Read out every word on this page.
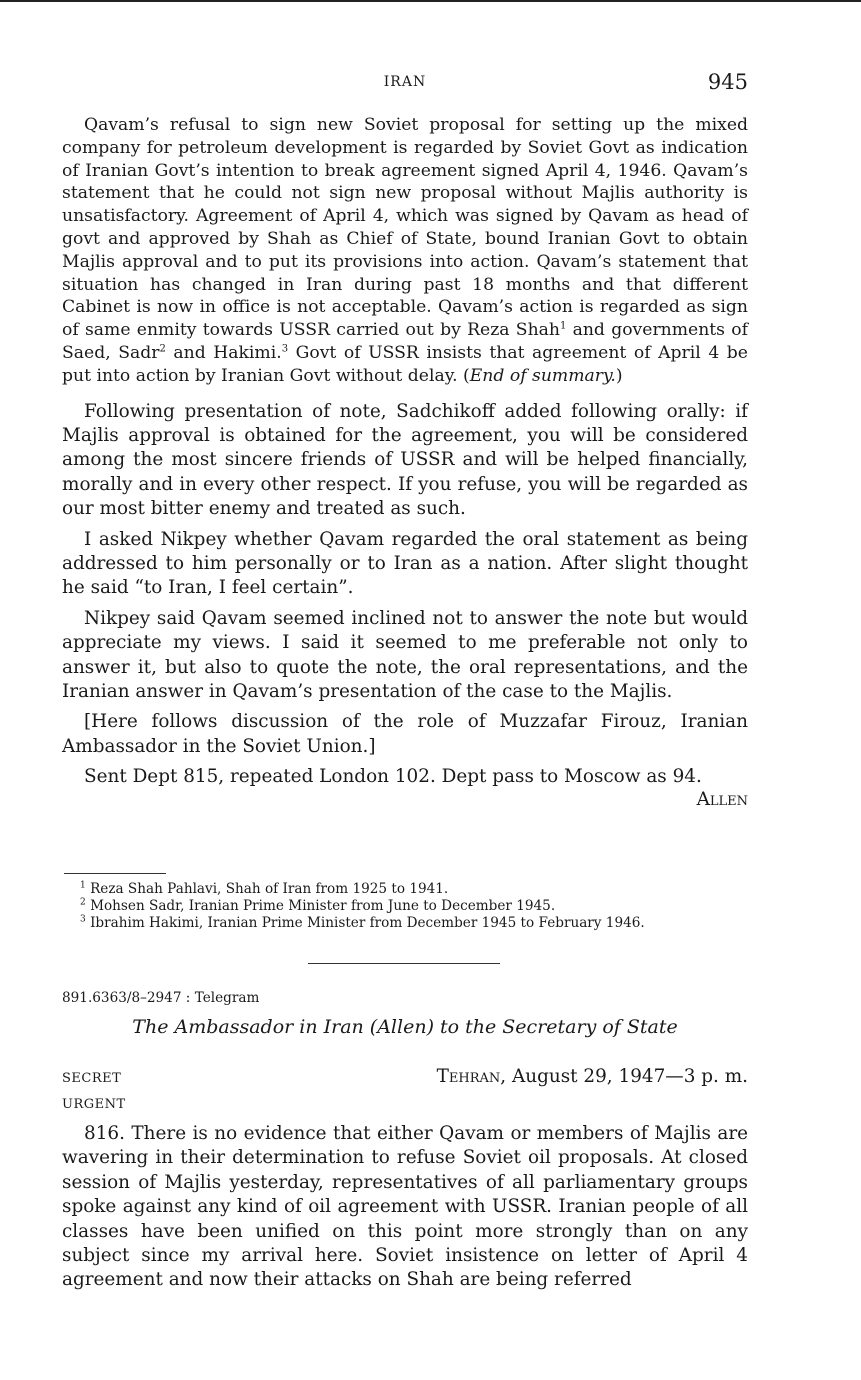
IRAN	945

Qavam’s refusal to sign new Soviet proposal for setting up the mixed company for petroleum development is regarded by Soviet Govt as indication of Iranian Govt’s intention to break agreement signed April 4, 1946. Qavam’s statement that he could not sign new proposal without Majlis authority is unsatisfactory. Agreement of April 4, which was signed by Qavam as head of govt and approved by Shah as Chief of State, bound Iranian Govt to obtain Majlis approval and to put its provisions into action. Qavam’s statement that situation has changed in Iran during past 18 months and that different Cabinet is now in office is not acceptable. Qavam’s action is regarded as sign of same enmity towards USSR carried out by Reza Shah$^1$ and governments of Saed, Sadr$^2$ and Hakimi.$^3$ Govt of USSR insists that agreement of April 4 be put into action by Iranian Govt without delay. (End of summary.)

Following presentation of note, Sadchikoff added following orally: if Majlis approval is obtained for the agreement, you will be considered among the most sincere friends of USSR and will be helped financially, morally and in every other respect. If you refuse, you will be regarded as our most bitter enemy and treated as such.

I asked Nikpey whether Qavam regarded the oral statement as being addressed to him personally or to Iran as a nation. After slight thought he said “to Iran, I feel certain”.

Nikpey said Qavam seemed inclined not to answer the note but would appreciate my views. I said it seemed to me preferable not only to answer it, but also to quote the note, the oral representations, and the Iranian answer in Qavam’s presentation of the case to the Majlis.

[Here follows discussion of the role of Muzzafar Firouz, Iranian Ambassador in the Soviet Union.]

Sent Dept 815, repeated London 102. Dept pass to Moscow as 94.

Allen
$^1$ Reza Shah Pahlavi, Shah of Iran from 1925 to 1941.
$^2$ Mohsen Sadr, Iranian Prime Minister from June to December 1945.
$^3$ Ibrahim Hakimi, Iranian Prime Minister from December 1945 to February 1946.
891.6363/8–2947 : Telegram
The Ambassador in Iran (Allen) to the Secretary of State
SECRET
URGENT
Tehran, August 29, 1947—3 p. m.

816. There is no evidence that either Qavam or members of Majlis are wavering in their determination to refuse Soviet oil proposals. At closed session of Majlis yesterday, representatives of all parliamentary groups spoke against any kind of oil agreement with USSR. Iranian people of all classes have been unified on this point more strongly than on any subject since my arrival here. Soviet insistence on letter of April 4 agreement and now their attacks on Shah are being referred
